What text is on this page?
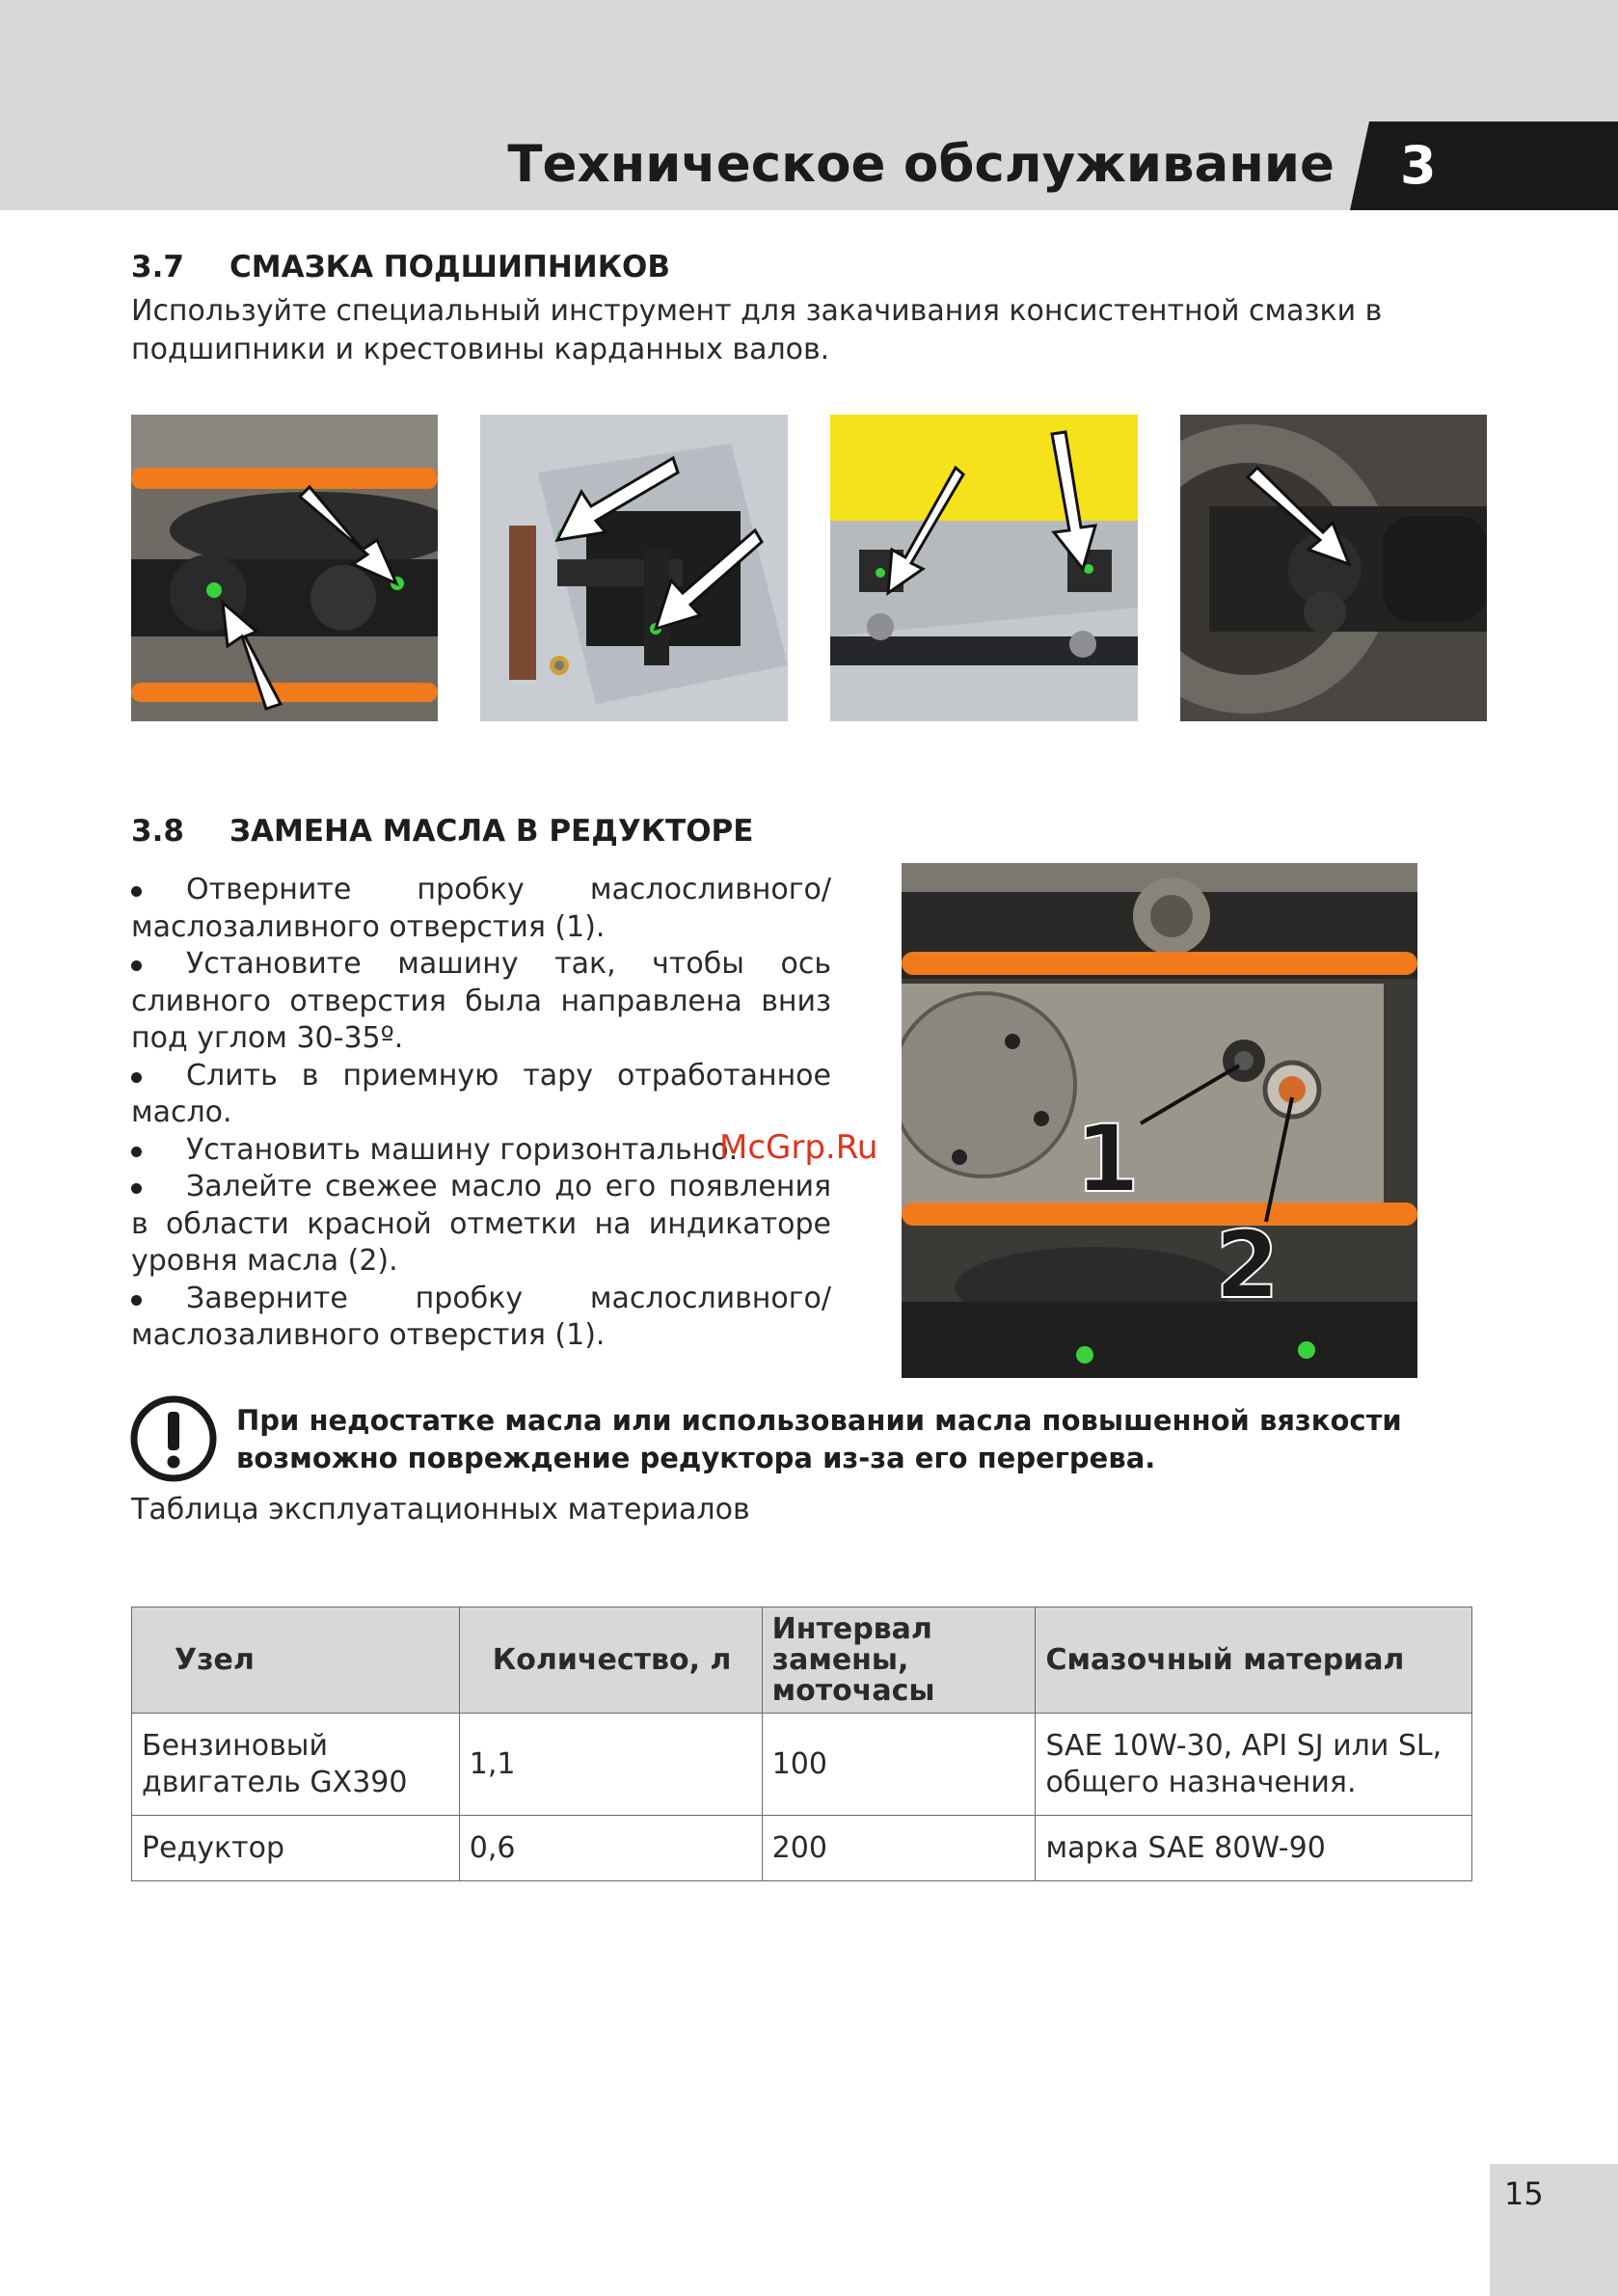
Техническое обслуживание 3
3.7 СМАЗКА ПОДШИПНИКОВ
Используйте специальный инструмент для закачивания консистентной смазки в подшипники и крестовины карданных валов.
3.8 ЗАМЕНА МАСЛА В РЕДУКТОРЕ
Отверните пробку маслосливного/маслозаливного отверстия (1).
Установите машину так, чтобы ось сливного отверстия была направлена вниз под углом 30-35º.
Слить в приемную тару отработанное масло.
Установить машину горизонтально.
Залейте свежее масло до его появления в области красной отметки на индикаторе уровня масла (2).
Заверните пробку маслосливного/маслозаливного отверстия (1).
1
2
McGrp.Ru
При недостатке масла или использовании масла повышенной вязкости возможно повреждение редуктора из-за его перегрева.
Таблица эксплуатационных материалов
Узел	Количество, л	Интервал замены, моточасы	Смазочный материал
Бензиновый двигатель GX390	1,1	100	SAE 10W-30, API SJ или SL, общего назначения.
Редуктор	0,6	200	марка SAE 80W-90
15
